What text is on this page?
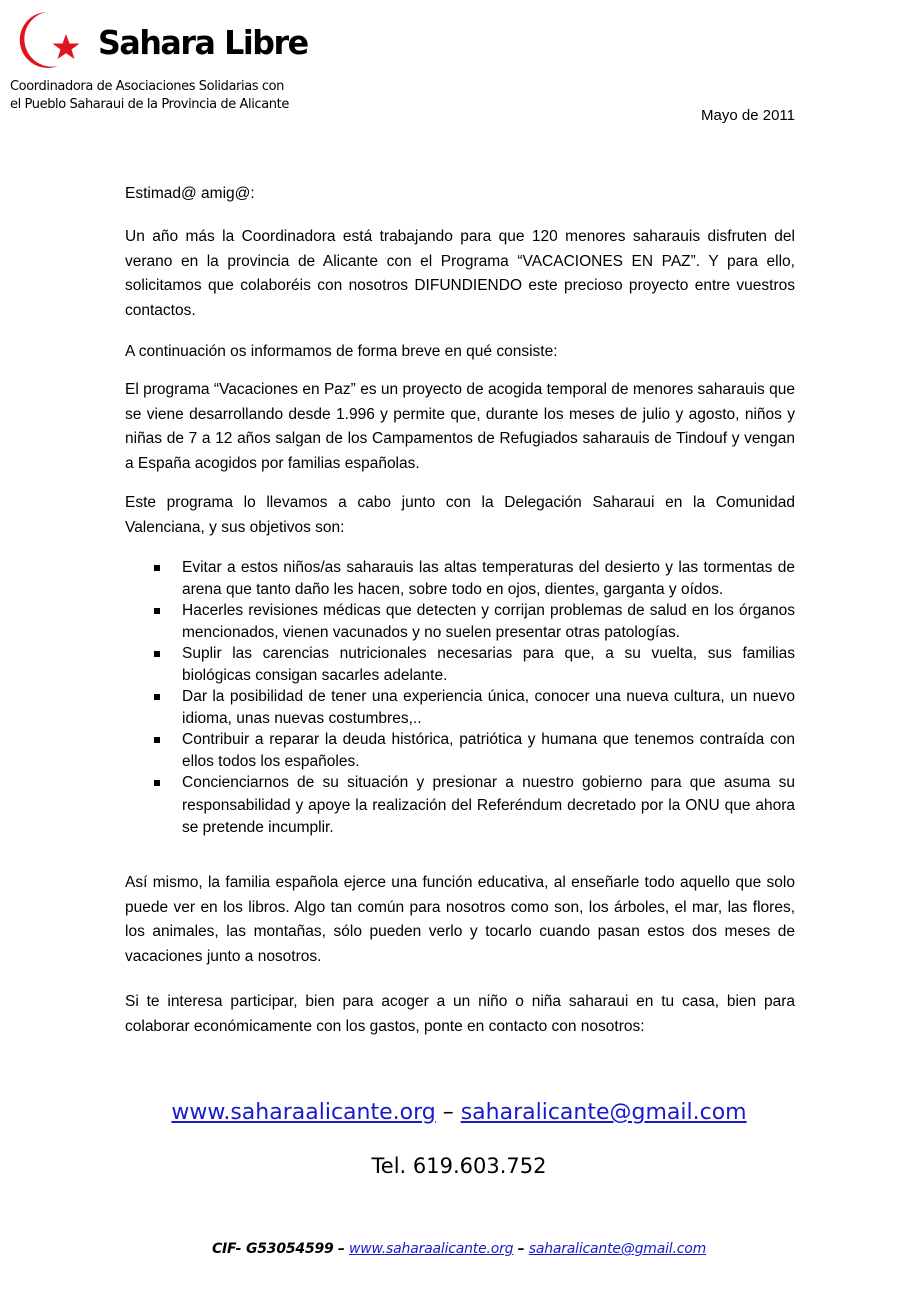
Sahara Libre
Coordinadora de Asociaciones Solidarias con
el Pueblo Saharaui de la Provincia de Alicante
Mayo de 2011
Estimad@ amig@:
Un año más la Coordinadora está trabajando para que 120 menores saharauis disfruten del verano en la provincia de Alicante con el Programa “VACACIONES EN PAZ”. Y para ello, solicitamos que colaboréis con nosotros DIFUNDIENDO este precioso proyecto entre vuestros contactos.
A continuación os informamos de forma breve en qué consiste:
El programa “Vacaciones en Paz” es un proyecto de acogida temporal de menores saharauis que se viene desarrollando desde 1.996 y permite que, durante los meses de julio y agosto, niños y niñas de 7 a 12 años salgan de los Campamentos de Refugiados saharauis de Tindouf y vengan a España acogidos por familias españolas.
Este programa lo llevamos a cabo junto con la Delegación Saharaui en la Comunidad Valenciana, y sus objetivos son:
Evitar a estos niños/as saharauis las altas temperaturas del desierto y las tormentas de arena que tanto daño les hacen, sobre todo en ojos, dientes, garganta y oídos.
Hacerles revisiones médicas que detecten y corrijan problemas de salud en los órganos mencionados, vienen vacunados y no suelen presentar otras patologías.
Suplir las carencias nutricionales necesarias para que, a su vuelta, sus familias biológicas consigan sacarles adelante.
Dar la posibilidad de tener una experiencia única, conocer una nueva cultura, un nuevo idioma, unas nuevas costumbres,..
Contribuir a reparar la deuda histórica, patriótica y humana que tenemos contraída con ellos todos los españoles.
Concienciarnos de su situación y presionar a nuestro gobierno para que asuma su responsabilidad y apoye la realización del Referéndum decretado por la ONU que ahora se pretende incumplir.
Así mismo, la familia española ejerce una función educativa, al enseñarle todo aquello que solo puede ver en los libros. Algo tan común para nosotros como son, los árboles, el mar, las flores, los animales, las montañas, sólo pueden verlo y tocarlo cuando pasan estos dos meses de vacaciones junto a nosotros.
Si te interesa participar, bien para acoger a un niño o niña saharaui en tu casa, bien para colaborar económicamente con los gastos, ponte en contacto con nosotros:
www.saharaalicante.org – saharalicante@gmail.com
Tel. 619.603.752
CIF- G53054599 – www.saharaalicante.org – saharalicante@gmail.com
